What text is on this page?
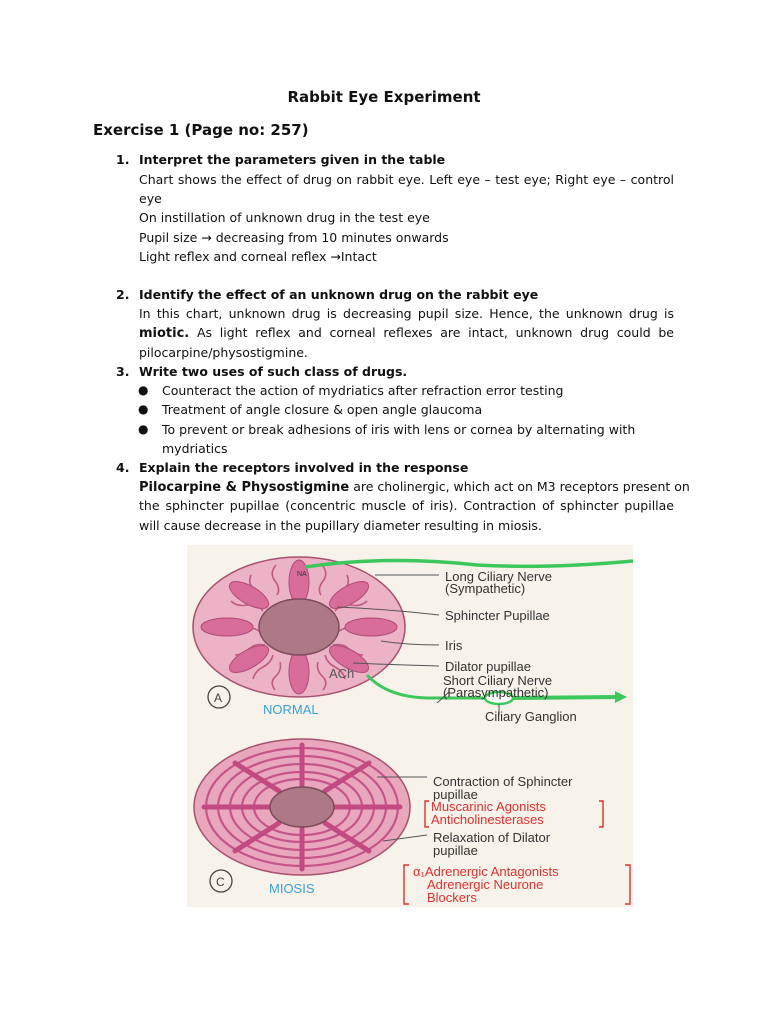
Rabbit Eye Experiment
Exercise 1 (Page no: 257)
1. Interpret the parameters given in the table
Chart shows the effect of drug on rabbit eye. Left eye – test eye; Right eye – control
eye
On instillation of unknown drug in the test eye
Pupil size → decreasing from 10 minutes onwards
Light reflex and corneal reflex →Intact
2. Identify the effect of an unknown drug on the rabbit eye
In this chart, unknown drug is decreasing pupil size. Hence, the unknown drug is
miotic. As light reflex and corneal reflexes are intact, unknown drug could be
pilocarpine/physostigmine.
3. Write two uses of such class of drugs.
● Counteract the action of mydriatics after refraction error testing
● Treatment of angle closure & open angle glaucoma
● To prevent or break adhesions of iris with lens or cornea by alternating with
mydriatics
4. Explain the receptors involved in the response
Pilocarpine & Physostigmine are cholinergic, which act on M3 receptors present on
the sphincter pupillae (concentric muscle of iris). Contraction of sphincter pupillae
will cause decrease in the pupillary diameter resulting in miosis.
NA
ACh
A
NORMAL
Long Ciliary Nerve
(Sympathetic)
Sphincter Pupillae
Iris
Dilator pupillae
Short Ciliary Nerve
(Parasympathetic)
Ciliary Ganglion
C	MIOSIS
Contraction of Sphincter
pupillae
Muscarinic Agonists
Anticholinesterases
Relaxation of Dilator
pupillae
α₁Adrenergic Antagonists
Adrenergic Neurone
Blockers
